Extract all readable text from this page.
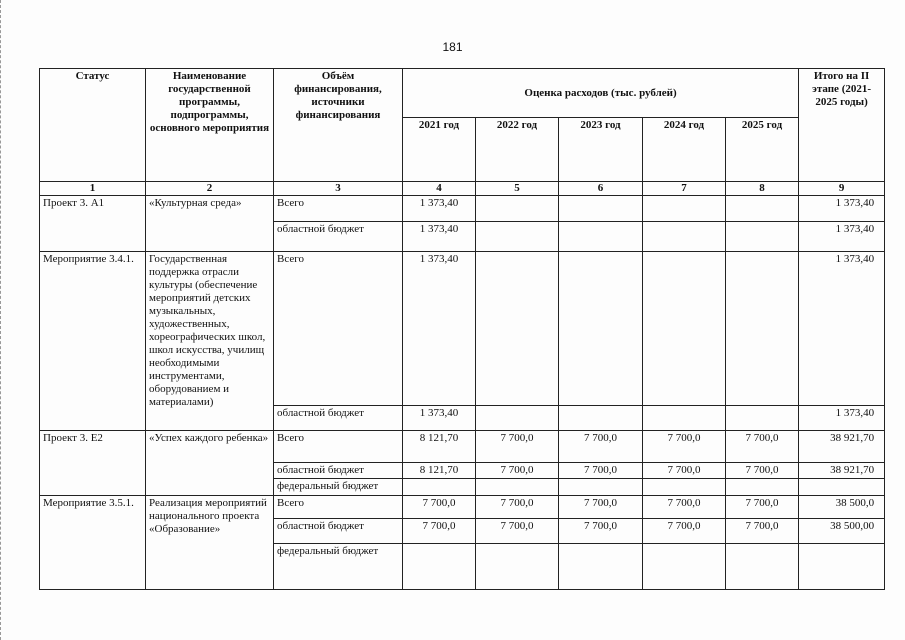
181
Статус	Наименование государственной программы, подпрограммы, основного мероприятия	Объём финансирования, источники финансирования	Оценка расходов (тыс. рублей)					Итого на II этапе (2021-2025 годы)
			2021 год	2022 год	2023 год	2024 год	2025 год	
1	2	3	4	5	6	7	8	9
Проект 3. А1	«Культурная среда»	Всего	1 373,40					1 373,40
		областной бюджет	1 373,40					1 373,40
Мероприятие 3.4.1.	Государственная поддержка отрасли культуры (обеспечение мероприятий детских музыкальных, художественных, хореографических школ, школ искусства, училищ необходимыми инструментами, оборудованием и материалами)	Всего	1 373,40					1 373,40
		областной бюджет	1 373,40					1 373,40
Проект 3. Е2	«Успех каждого ребенка»	Всего	8 121,70	7 700,0	7 700,0	7 700,0	7 700,0	38 921,70
		областной бюджет	8 121,70	7 700,0	7 700,0	7 700,0	7 700,0	38 921,70
		федеральный бюджет						
Мероприятие 3.5.1.	Реализация мероприятий национального проекта «Образование»	Всего	7 700,0	7 700,0	7 700,0	7 700,0	7 700,0	38 500,0
		областной бюджет	7 700,0	7 700,0	7 700,0	7 700,0	7 700,0	38 500,00
		федеральный бюджет						
